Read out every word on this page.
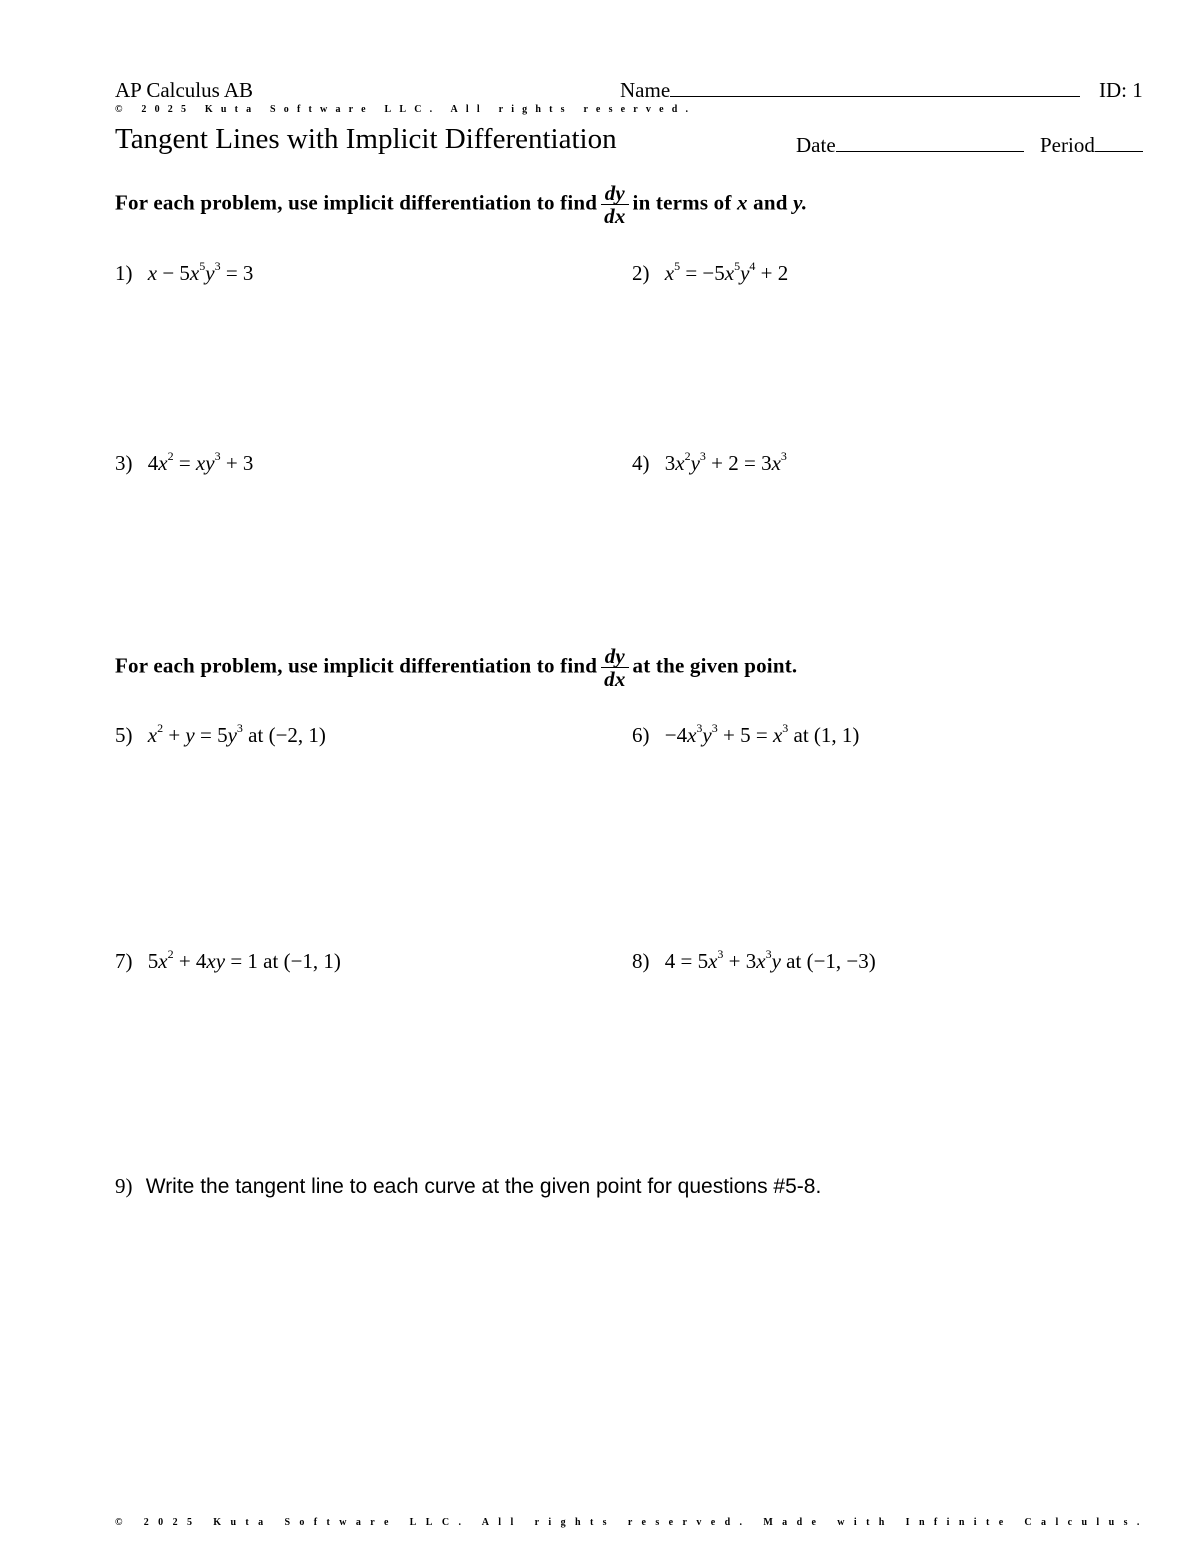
AP Calculus AB	Name	ID: 1
© 2025 Kuta Software LLC. All rights reserved.
Tangent Lines with Implicit Differentiation	Date	Period
For each problem, use implicit differentiation to find $\frac{dy}{dx}$ in terms of x and y.
1) $x - 5x^5y^3 = 3$	2) $x^5 = -5x^5y^4 + 2$
3) $4x^2 = xy^3 + 3$	4) $3x^2y^3 + 2 = 3x^3$
For each problem, use implicit differentiation to find $\frac{dy}{dx}$ at the given point.
5) $x^2 + y = 5y^3$ at (−2, 1)	$6) -4x^3y^3 + 5 = x^3$ at (1, 1)
7) $5x^2 + 4xy = 1$ at (−1, 1)	8) $4 = 5x^3 + 3x^3y$ at (−1, −3)
9) Write the tangent line to each curve at the given point for questions #5-8.
© 2025 Kuta Software LLC. All rights reserved. Made with Infinite Calculus.
